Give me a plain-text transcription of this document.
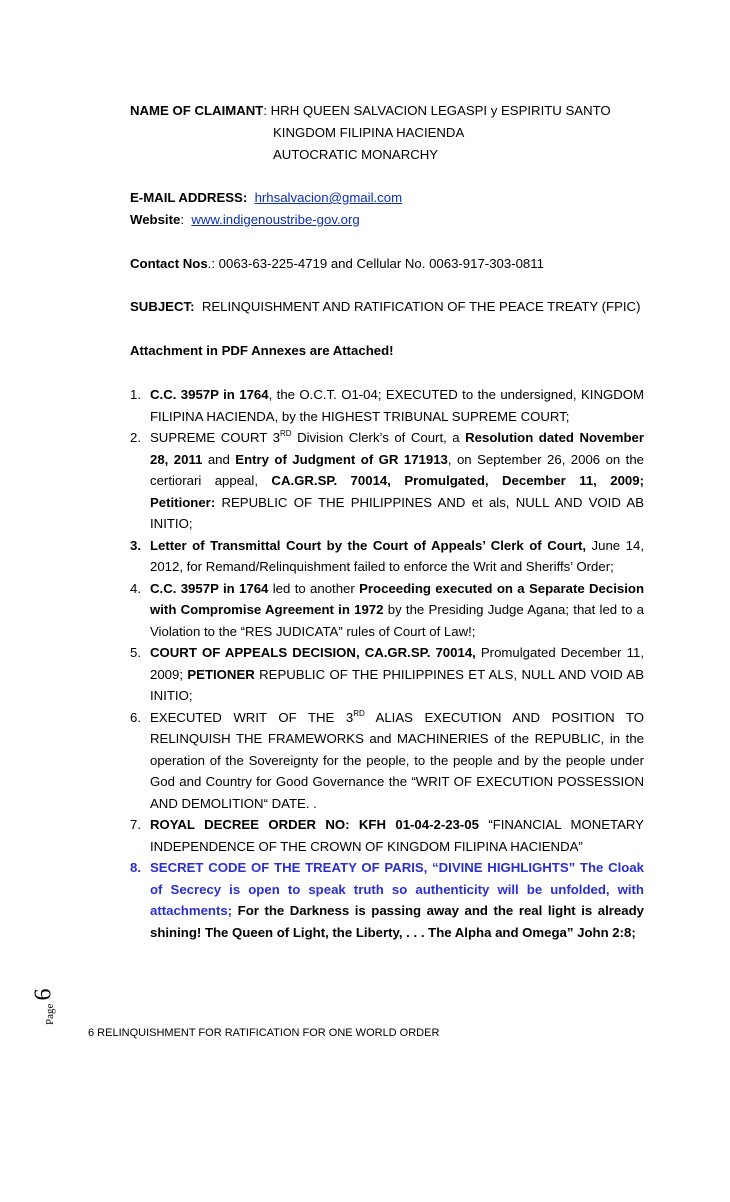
NAME OF CLAIMANT: HRH QUEEN SALVACION LEGASPI y ESPIRITU SANTO
KINGDOM FILIPINA HACIENDA
AUTOCRATIC MONARCHY
E-MAIL ADDRESS: hrhsalvacion@gmail.com
Website:  www.indigenoustribe-gov.org
Contact Nos.: 0063-63-225-4719 and Cellular No. 0063-917-303-0811
SUBJECT: RELINQUISHMENT AND RATIFICATION OF THE PEACE TREATY (FPIC)
Attachment in PDF Annexes are Attached!
1. C.C. 3957P in 1764, the O.C.T. O1-04; EXECUTED to the undersigned, KINGDOM FILIPINA HACIENDA, by the HIGHEST TRIBUNAL SUPREME COURT;
2. SUPREME COURT 3RD Division Clerk’s of Court, a Resolution dated November 28, 2011 and Entry of Judgment of GR 171913, on September 26, 2006 on the certiorari appeal, CA.GR.SP. 70014, Promulgated, December 11, 2009; Petitioner: REPUBLIC OF THE PHILIPPINES AND et als, NULL AND VOID AB INITIO;
3. Letter of Transmittal Court by the Court of Appeals’ Clerk of Court, June 14, 2012, for Remand/Relinquishment failed to enforce the Writ and Sheriffs’ Order;
4. C.C. 3957P in 1764 led to another Proceeding executed on a Separate Decision with Compromise Agreement in 1972 by the Presiding Judge Agana; that led to a Violation to the “RES JUDICATA” rules of Court of Law!;
5. COURT OF APPEALS DECISION, CA.GR.SP. 70014, Promulgated December 11, 2009; PETIONER REPUBLIC OF THE PHILIPPINES ET ALS, NULL AND VOID AB INITIO;
6. EXECUTED WRIT OF THE 3RD ALIAS EXECUTION AND POSITION TO RELINQUISH THE FRAMEWORKS and MACHINERIES of the REPUBLIC, in the operation of the Sovereignty for the people, to the people and by the people under God and Country for Good Governance the “WRIT OF EXECUTION POSSESSION AND DEMOLITION“ DATE. .
7. ROYAL DECREE ORDER NO: KFH 01-04-2-23-05 “FINANCIAL MONETARY INDEPENDENCE OF THE CROWN OF KINGDOM FILIPINA HACIENDA”
8. SECRET CODE OF THE TREATY OF PARIS, “DIVINE HIGHLIGHTS” The Cloak of Secrecy is open to speak truth so authenticity will be unfolded, with attachments; For the Darkness is passing away and the real light is already shining! The Queen of Light, the Liberty, . . . The Alpha and Omega” John 2:8;
Page
6
6 RELINQUISHMENT FOR RATIFICATION FOR ONE WORLD ORDER
